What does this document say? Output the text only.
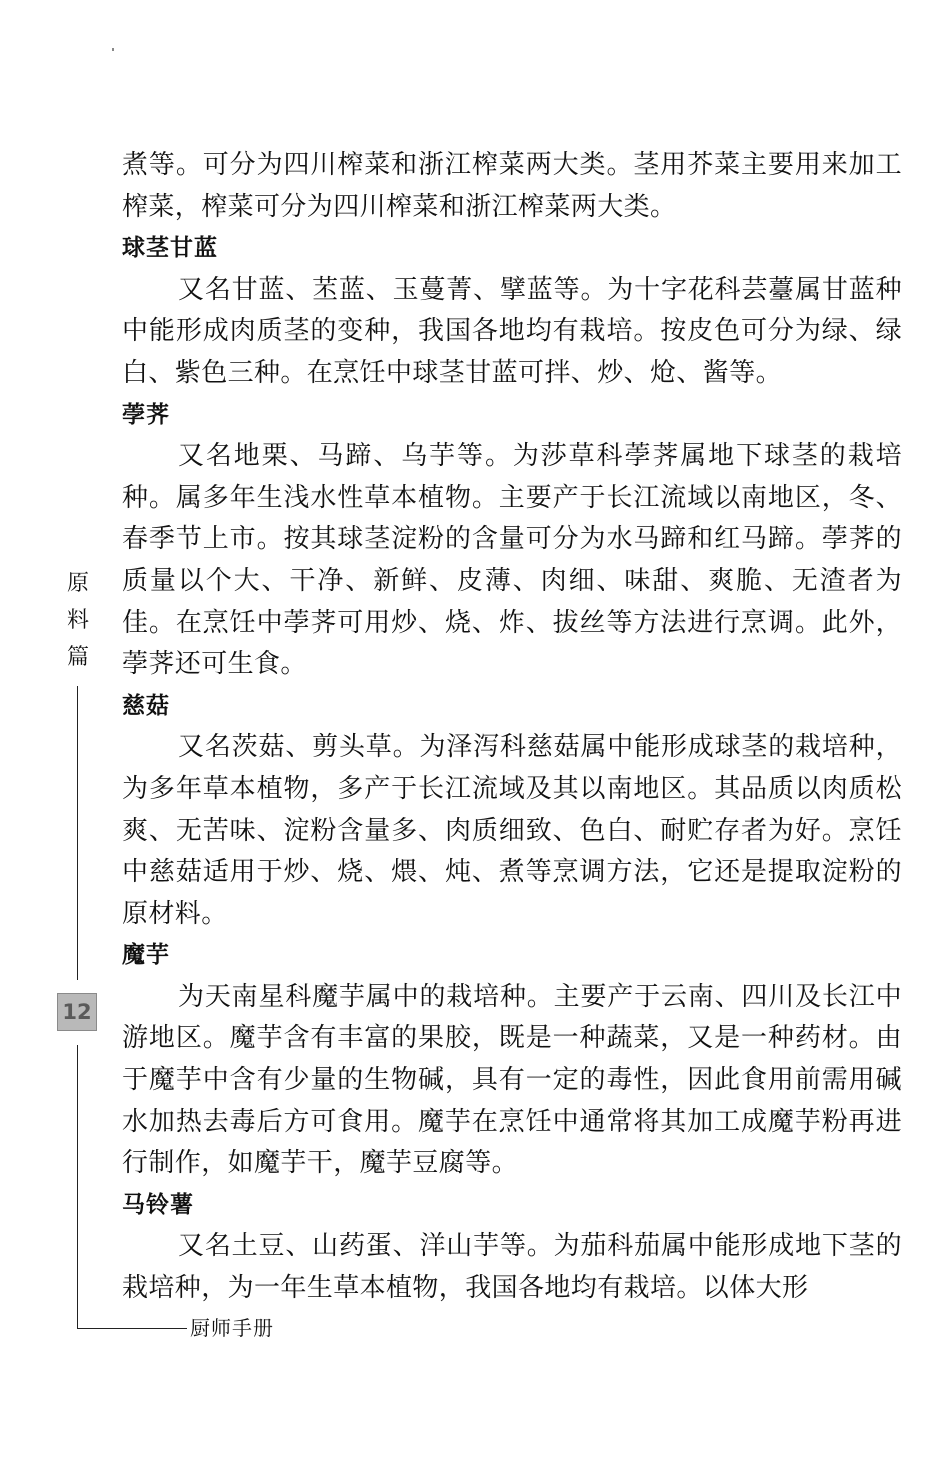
煮等。可分为四川榨菜和浙江榨菜两大类。茎用芥菜主要用来加工榨菜，榨菜可分为四川榨菜和浙江榨菜两大类。

球茎甘蓝

又名甘蓝、苤蓝、玉蔓菁、擘蓝等。为十字花科芸薹属甘蓝种中能形成肉质茎的变种，我国各地均有栽培。按皮色可分为绿、绿白、紫色三种。在烹饪中球茎甘蓝可拌、炒、炝、酱等。

荸荠

又名地栗、马蹄、乌芋等。为莎草科荸荠属地下球茎的栽培种。属多年生浅水性草本植物。主要产于长江流域以南地区，冬、春季节上市。按其球茎淀粉的含量可分为水马蹄和红马蹄。荸荠的质量以个大、干净、新鲜、皮薄、肉细、味甜、爽脆、无渣者为佳。在烹饪中荸荠可用炒、烧、炸、拔丝等方法进行烹调。此外，荸荠还可生食。

慈菇

又名茨菇、剪头草。为泽泻科慈菇属中能形成球茎的栽培种，为多年草本植物，多产于长江流域及其以南地区。其品质以肉质松爽、无苦味、淀粉含量多、肉质细致、色白、耐贮存者为好。烹饪中慈菇适用于炒、烧、煨、炖、煮等烹调方法，它还是提取淀粉的原材料。

魔芋

为天南星科魔芋属中的栽培种。主要产于云南、四川及长江中游地区。魔芋含有丰富的果胶，既是一种蔬菜，又是一种药材。由于魔芋中含有少量的生物碱，具有一定的毒性，因此食用前需用碱水加热去毒后方可食用。魔芋在烹饪中通常将其加工成魔芋粉再进行制作，如魔芋干，魔芋豆腐等。

马铃薯

又名土豆、山药蛋、洋山芋等。为茄科茄属中能形成地下茎的栽培种，为一年生草本植物，我国各地均有栽培。以体大形

原
料
篇
12
厨师手册
